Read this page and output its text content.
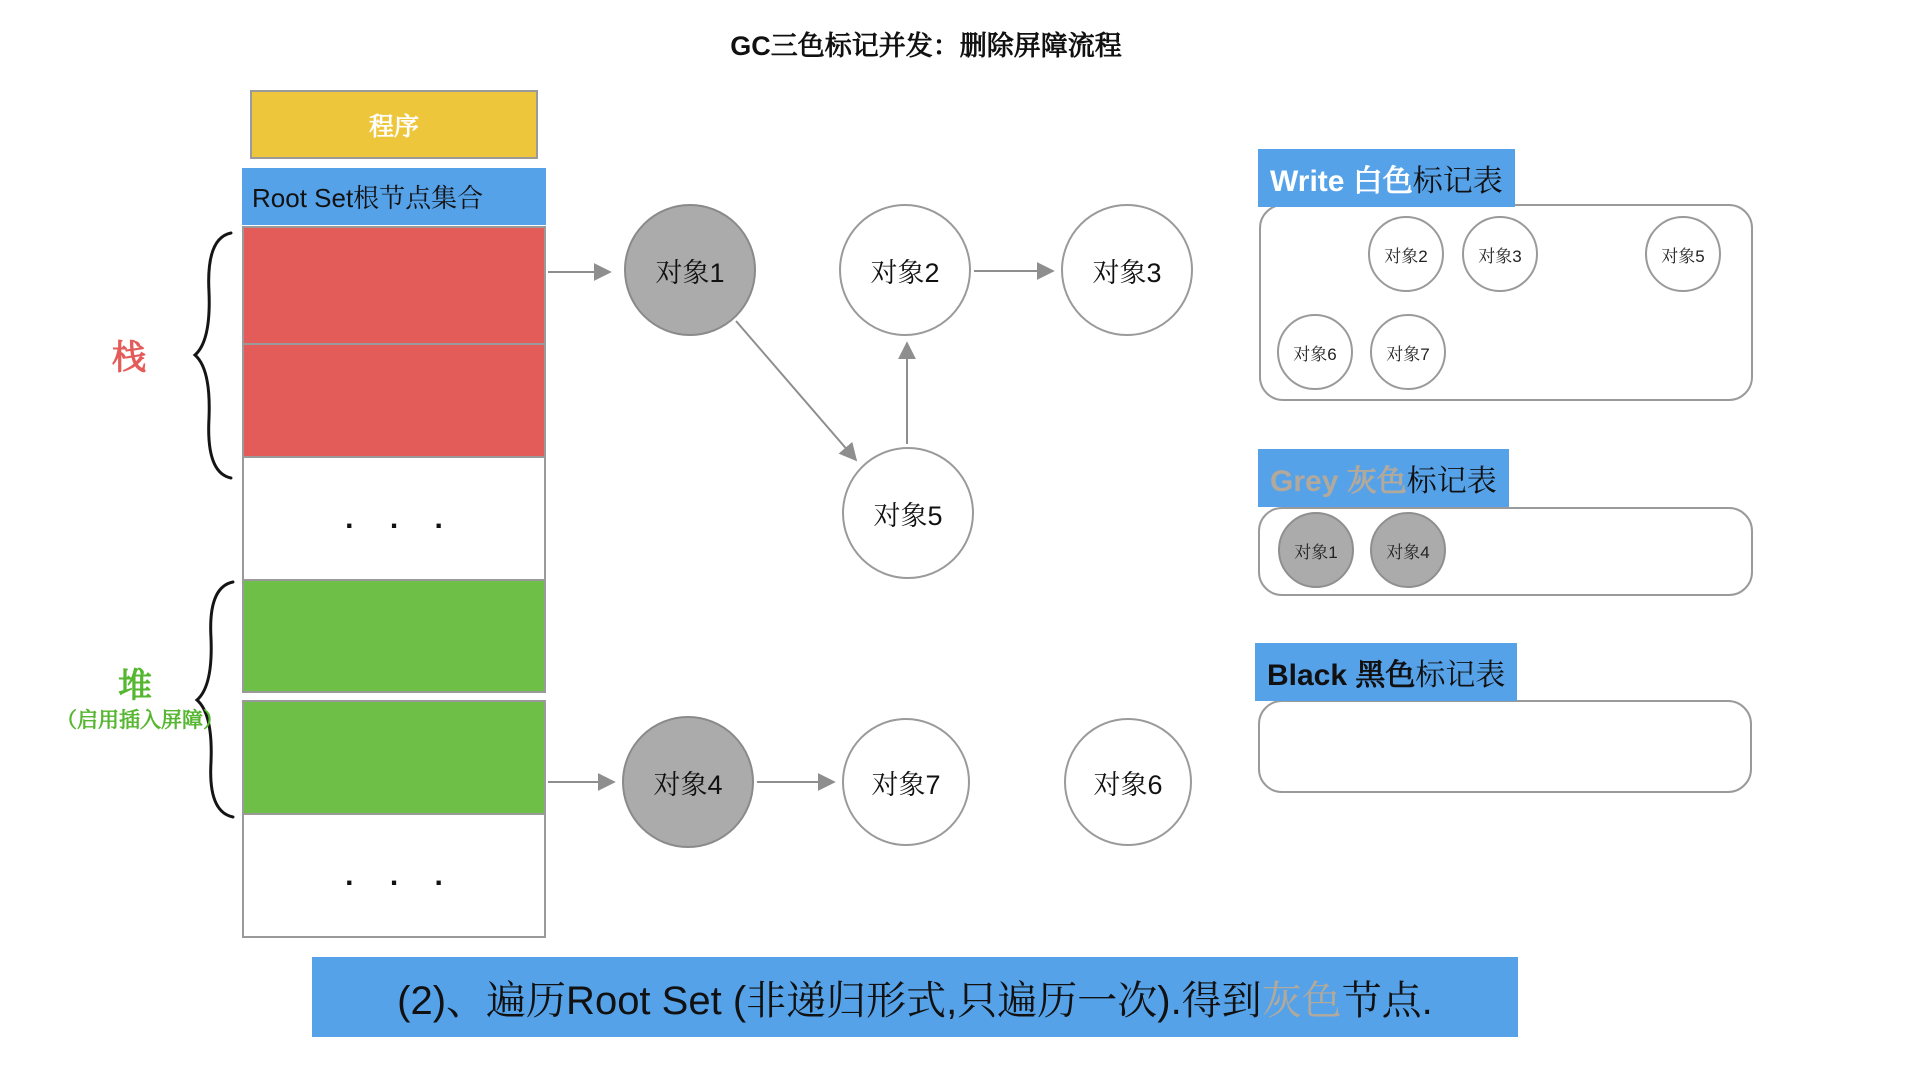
GC三色标记并发：删除屏障流程
程序
Root Set根节点集合
. . .
. . .
栈
堆
（启用插入屏障）
对象1	对象2	对象3
对象4
对象5
对象6
对象7
Write 白色 标记表
对象2	对象3	对象5
对象6	对象7
Grey 灰色 标记表
对象1	对象4
Black 黑色 标记表
(2)、遍历Root Set (非递归形式,只遍历一次).得到 灰色 节点.
